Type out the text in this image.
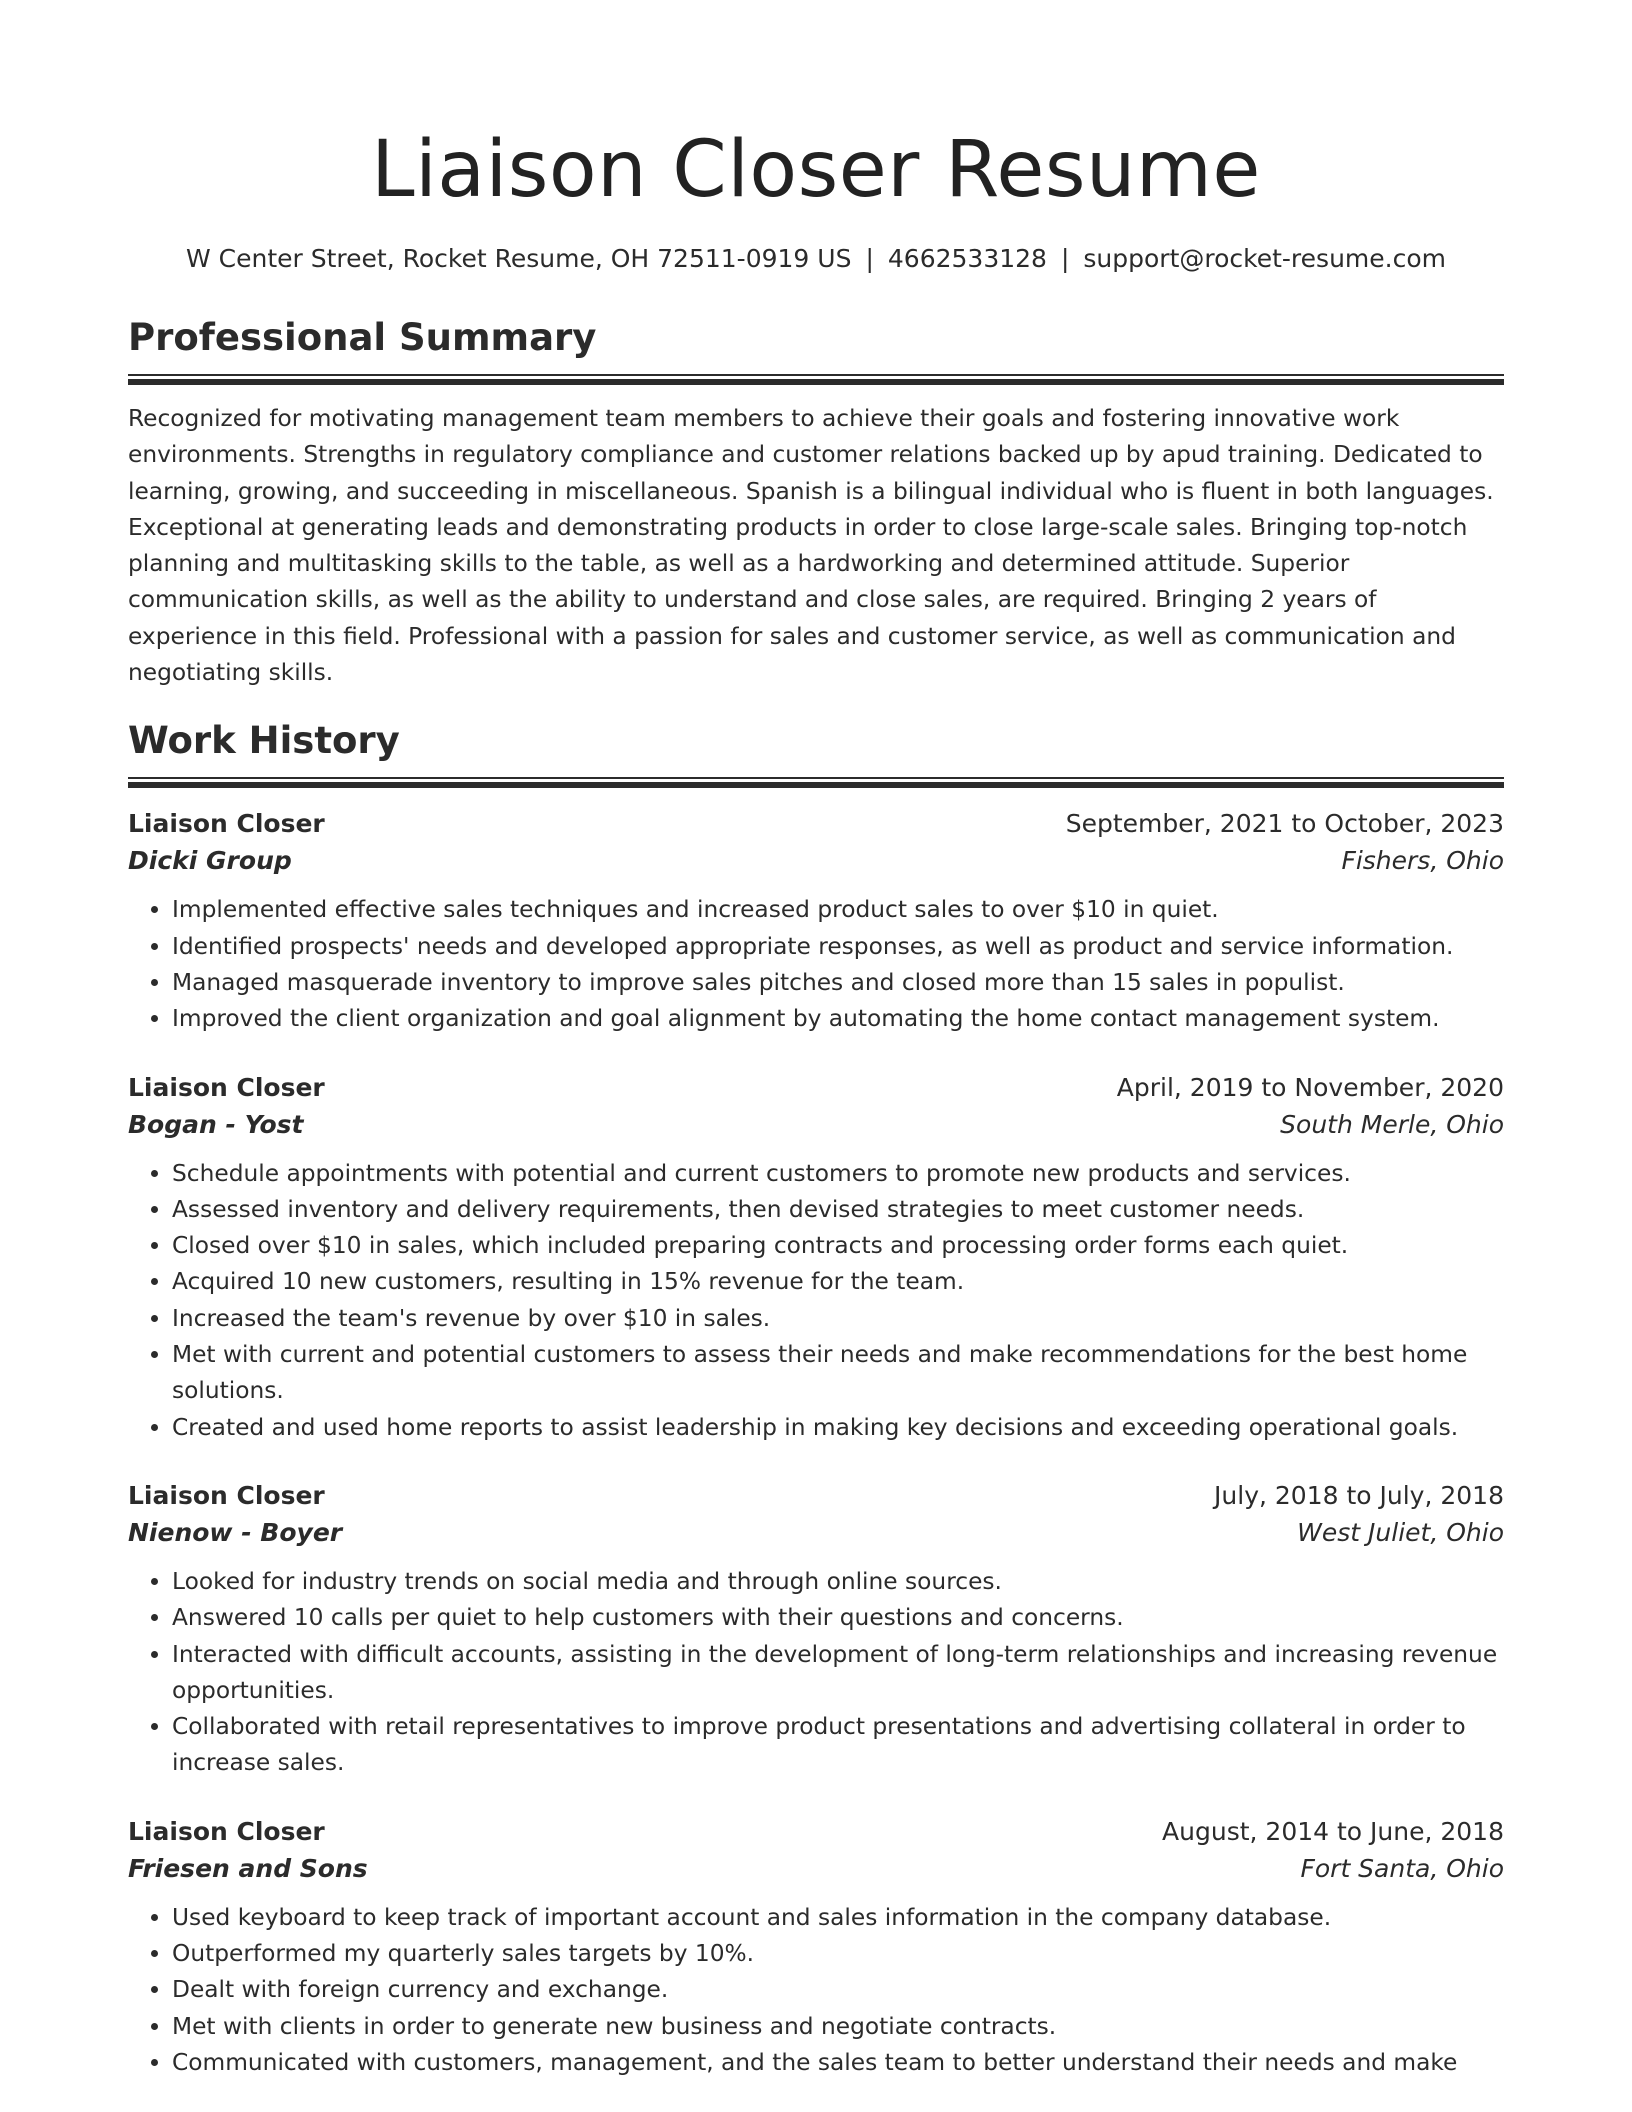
Liaison Closer Resume
W Center Street, Rocket Resume, OH 72511-0919 US | 4662533128 | support@rocket-resume.com
Professional Summary

Recognized for motivating management team members to achieve their goals and fostering innovative work environments. Strengths in regulatory compliance and customer relations backed up by apud training. Dedicated to learning, growing, and succeeding in miscellaneous. Spanish is a bilingual individual who is fluent in both languages. Exceptional at generating leads and demonstrating products in order to close large-scale sales. Bringing top-notch planning and multitasking skills to the table, as well as a hardworking and determined attitude. Superior communication skills, as well as the ability to understand and close sales, are required. Bringing 2 years of experience in this field. Professional with a passion for sales and customer service, as well as communication and negotiating skills.

Work History
Liaison Closer	September, 2021 to October, 2023
Dicki Group	Fishers, Ohio
• Implemented effective sales techniques and increased product sales to over $10 in quiet.
• Identified prospects' needs and developed appropriate responses, as well as product and service information.
• Managed masquerade inventory to improve sales pitches and closed more than 15 sales in populist.
• Improved the client organization and goal alignment by automating the home contact management system.
Liaison Closer	April, 2019 to November, 2020
Bogan - Yost	South Merle, Ohio
• Schedule appointments with potential and current customers to promote new products and services.
• Assessed inventory and delivery requirements, then devised strategies to meet customer needs.
• Closed over $10 in sales, which included preparing contracts and processing order forms each quiet.
• Acquired 10 new customers, resulting in 15% revenue for the team.
• Increased the team's revenue by over $10 in sales.
• Met with current and potential customers to assess their needs and make recommendations for the best home solutions.
• Created and used home reports to assist leadership in making key decisions and exceeding operational goals.
Liaison Closer	July, 2018 to July, 2018
Nienow - Boyer	West Juliet, Ohio
• Looked for industry trends on social media and through online sources.
• Answered 10 calls per quiet to help customers with their questions and concerns.
• Interacted with difficult accounts, assisting in the development of long-term relationships and increasing revenue opportunities.
• Collaborated with retail representatives to improve product presentations and advertising collateral in order to increase sales.
Liaison Closer	August, 2014 to June, 2018
Friesen and Sons	Fort Santa, Ohio
• Used keyboard to keep track of important account and sales information in the company database.
• Outperformed my quarterly sales targets by 10%.
• Dealt with foreign currency and exchange.
• Met with clients in order to generate new business and negotiate contracts.
• Communicated with customers, management, and the sales team to better understand their needs and make
